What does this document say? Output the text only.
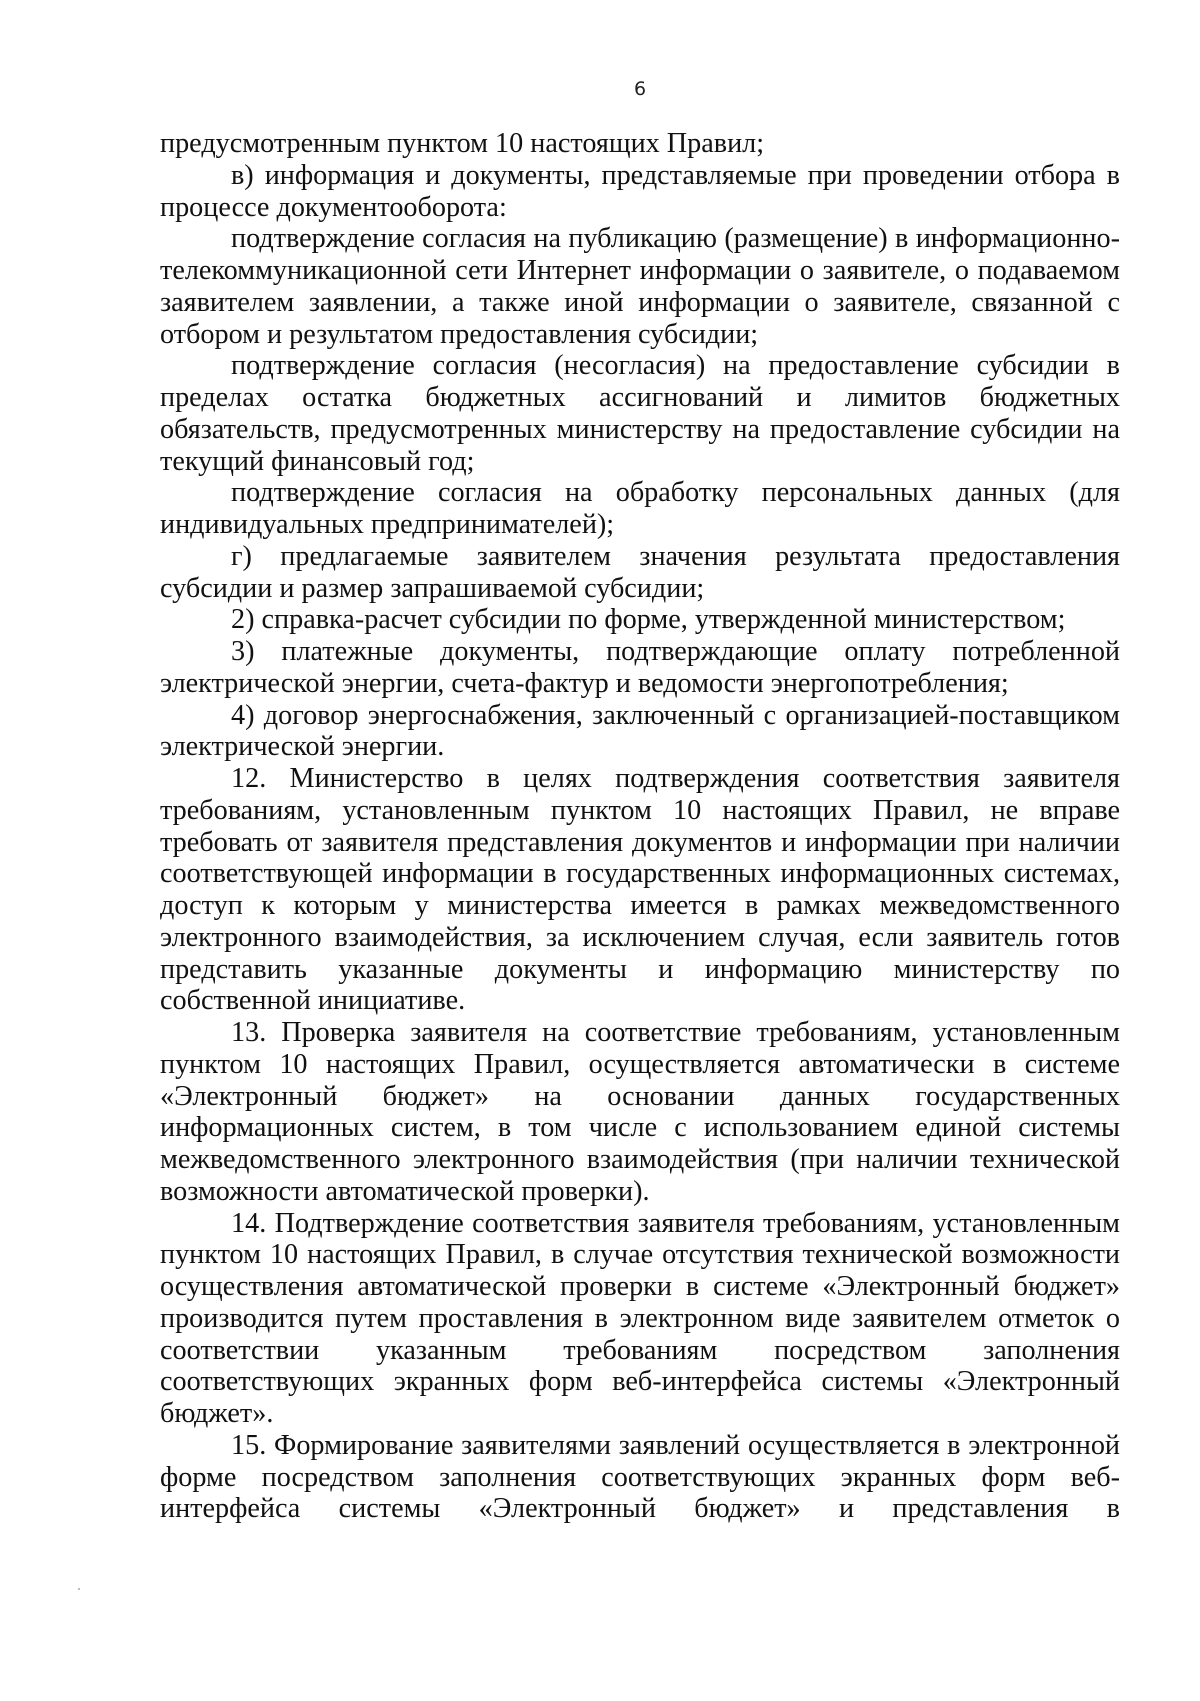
6

предусмотренным пунктом 10 настоящих Правил;

в) информация и документы, представляемые при проведении отбора в процессе документооборота:

подтверждение согласия на публикацию (размещение) в информационно-телекоммуникационной сети Интернет информации о заявителе, о подаваемом заявителем заявлении, а также иной информации о заявителе, связанной с отбором и результатом предоставления субсидии;

подтверждение согласия (несогласия) на предоставление субсидии в пределах остатка бюджетных ассигнований и лимитов бюджетных обязательств, предусмотренных министерству на предоставление субсидии на текущий финансовый год;

подтверждение согласия на обработку персональных данных (для индивидуальных предпринимателей);

г) предлагаемые заявителем значения результата предоставления субсидии и размер запрашиваемой субсидии;

2) справка-расчет субсидии по форме, утвержденной министерством;

3) платежные документы, подтверждающие оплату потребленной электрической энергии, счета-фактур и ведомости энергопотребления;

4) договор энергоснабжения, заключенный с организацией-поставщиком электрической энергии.

12. Министерство в целях подтверждения соответствия заявителя требованиям, установленным пунктом 10 настоящих Правил, не вправе требовать от заявителя представления документов и информации при наличии соответствующей информации в государственных информационных системах, доступ к которым у министерства имеется в рамках межведомственного электронного взаимодействия, за исключением случая, если заявитель готов представить указанные документы и информацию министерству по собственной инициативе.

13. Проверка заявителя на соответствие требованиям, установленным пунктом 10 настоящих Правил, осуществляется автоматически в системе «Электронный бюджет» на основании данных государственных информационных систем, в том числе с использованием единой системы межведомственного электронного взаимодействия (при наличии технической возможности автоматической проверки).

14. Подтверждение соответствия заявителя требованиям, установленным пунктом 10 настоящих Правил, в случае отсутствия технической возможности осуществления автоматической проверки в системе «Электронный бюджет» производится путем проставления в электронном виде заявителем отметок о соответствии указанным требованиям посредством заполнения соответствующих экранных форм веб-интерфейса системы «Электронный бюджет».

15. Формирование заявителями заявлений осуществляется в электронной форме посредством заполнения соответствующих экранных форм веб-интерфейса системы «Электронный бюджет» и представления в
